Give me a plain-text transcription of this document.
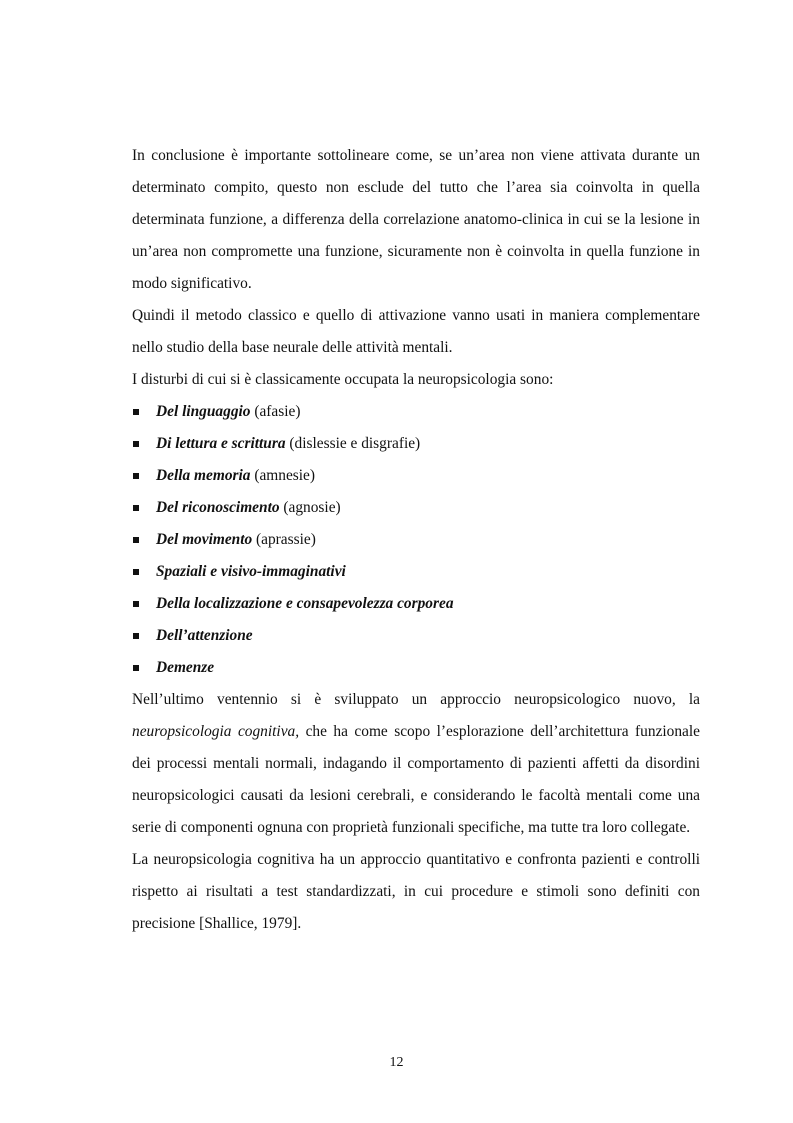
In conclusione è importante sottolineare come, se un’area non viene attivata durante un determinato compito, questo non esclude del tutto che l’area sia coinvolta in quella determinata funzione, a differenza della correlazione anatomo-clinica in cui se la lesione in un’area non compromette una funzione, sicuramente non è coinvolta in quella funzione in modo significativo.

Quindi il metodo classico e quello di attivazione vanno usati in maniera complementare nello studio della base neurale delle attività mentali.

I disturbi di cui si è classicamente occupata la neuropsicologia sono:

Del linguaggio (afasie)
Di lettura e scrittura (dislessie e disgrafie)
Della memoria (amnesie)
Del riconoscimento (agnosie)
Del movimento (aprassie)
Spaziali e visivo-immaginativi
Della localizzazione e consapevolezza corporea
Dell’attenzione
Demenze

Nell’ultimo ventennio si è sviluppato un approccio neuropsicologico nuovo, la neuropsicologia cognitiva, che ha come scopo l’esplorazione dell’architettura funzionale dei processi mentali normali, indagando il comportamento di pazienti affetti da disordini neuropsicologici causati da lesioni cerebrali, e considerando le facoltà mentali come una serie di componenti ognuna con proprietà funzionali specifiche, ma tutte tra loro collegate.

La neuropsicologia cognitiva ha un approccio quantitativo e confronta pazienti e controlli rispetto ai risultati a test standardizzati, in cui procedure e stimoli sono definiti con precisione [Shallice, 1979].

12
